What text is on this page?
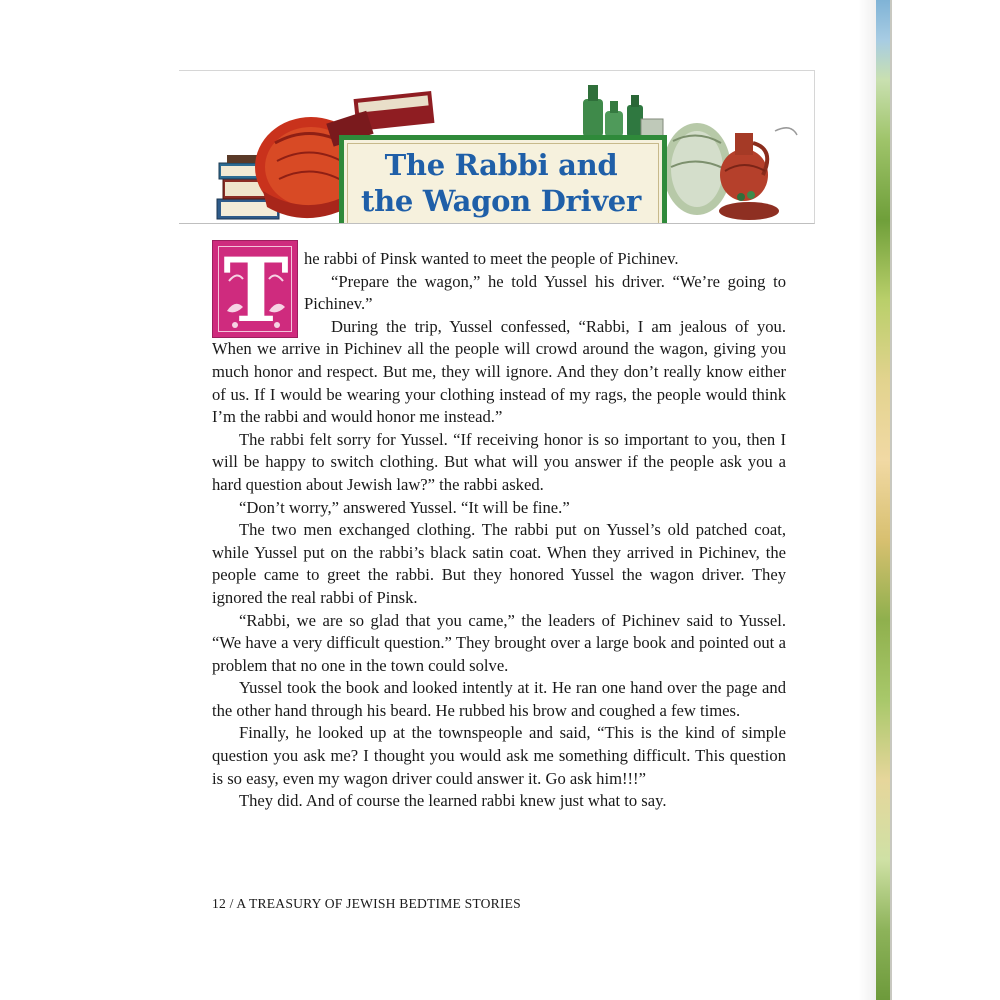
The Rabbi and
the Wagon Driver
T he rabbi of Pinsk wanted to meet the people of Pichinev.

“Prepare the wagon,” he told Yussel his driver. “We’re going to Pichinev.”

During the trip, Yussel confessed, “Rabbi, I am jealous of you. When we arrive in Pichinev all the people will crowd around the wagon, giving you much honor and respect. But me, they will ignore. And they don’t really know either of us. If I would be wearing your clothing instead of my rags, the people would think I’m the rabbi and would honor me instead.”

The rabbi felt sorry for Yussel. “If receiving honor is so important to you, then I will be happy to switch clothing. But what will you answer if the people ask you a hard question about Jewish law?” the rabbi asked.

“Don’t worry,” answered Yussel. “It will be fine.”

The two men exchanged clothing. The rabbi put on Yussel’s old patched coat, while Yussel put on the rabbi’s black satin coat. When they arrived in Pichinev, the people came to greet the rabbi. But they honored Yussel the wagon driver. They ignored the real rabbi of Pinsk.

“Rabbi, we are so glad that you came,” the leaders of Pichinev said to Yussel. “We have a very difficult question.” They brought over a large book and pointed out a problem that no one in the town could solve.

Yussel took the book and looked intently at it. He ran one hand over the page and the other hand through his beard. He rubbed his brow and coughed a few times.

Finally, he looked up at the townspeople and said, “This is the kind of simple question you ask me? I thought you would ask me something difficult. This question is so easy, even my wagon driver could answer it. Go ask him!!!”

They did. And of course the learned rabbi knew just what to say.

12 / A TREASURY OF JEWISH BEDTIME STORIES
